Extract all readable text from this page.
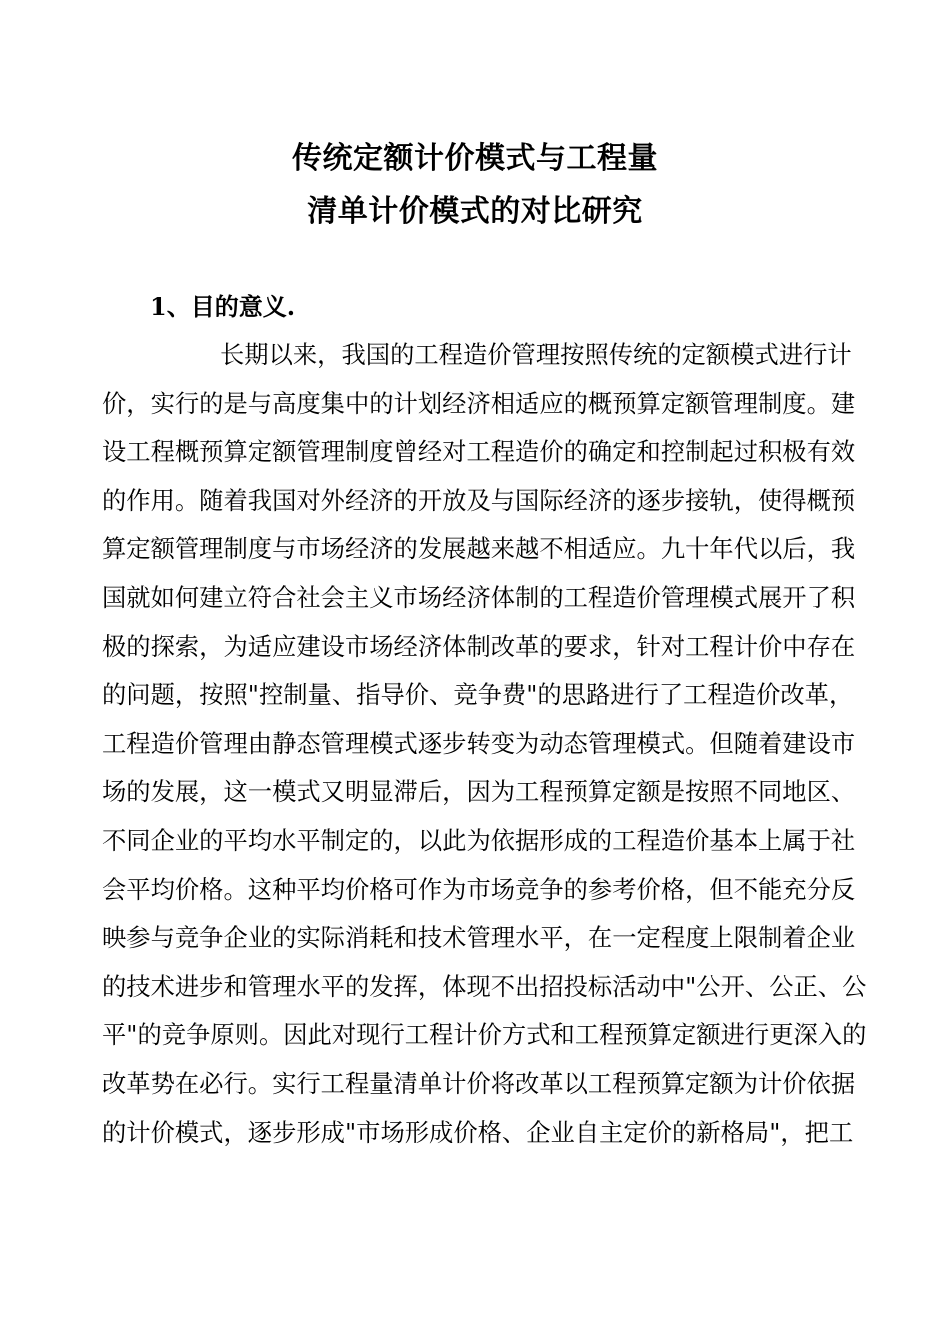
传统定额计价模式与工程量
清单计价模式的对比研究
1、目的意义.
长期以来，我国的工程造价管理按照传统的定额模式进行计
价，实行的是与高度集中的计划经济相适应的概预算定额管理制度。建
设工程概预算定额管理制度曾经对工程造价的确定和控制起过积极有效
的作用。随着我国对外经济的开放及与国际经济的逐步接轨，使得概预
算定额管理制度与市场经济的发展越来越不相适应。九十年代以后，我
国就如何建立符合社会主义市场经济体制的工程造价管理模式展开了积
极的探索，为适应建设市场经济体制改革的要求，针对工程计价中存在
的问题，按照"控制量、指导价、竞争费"的思路进行了工程造价改革，
工程造价管理由静态管理模式逐步转变为动态管理模式。但随着建设市
场的发展，这一模式又明显滞后，因为工程预算定额是按照不同地区、
不同企业的平均水平制定的，以此为依据形成的工程造价基本上属于社
会平均价格。这种平均价格可作为市场竞争的参考价格，但不能充分反
映参与竞争企业的实际消耗和技术管理水平，在一定程度上限制着企业
的技术进步和管理水平的发挥，体现不出招投标活动中"公开、公正、公
平"的竞争原则。因此对现行工程计价方式和工程预算定额进行更深入的
改革势在必行。实行工程量清单计价将改革以工程预算定额为计价依据
的计价模式，逐步形成"市场形成价格、企业自主定价的新格局"，把工
